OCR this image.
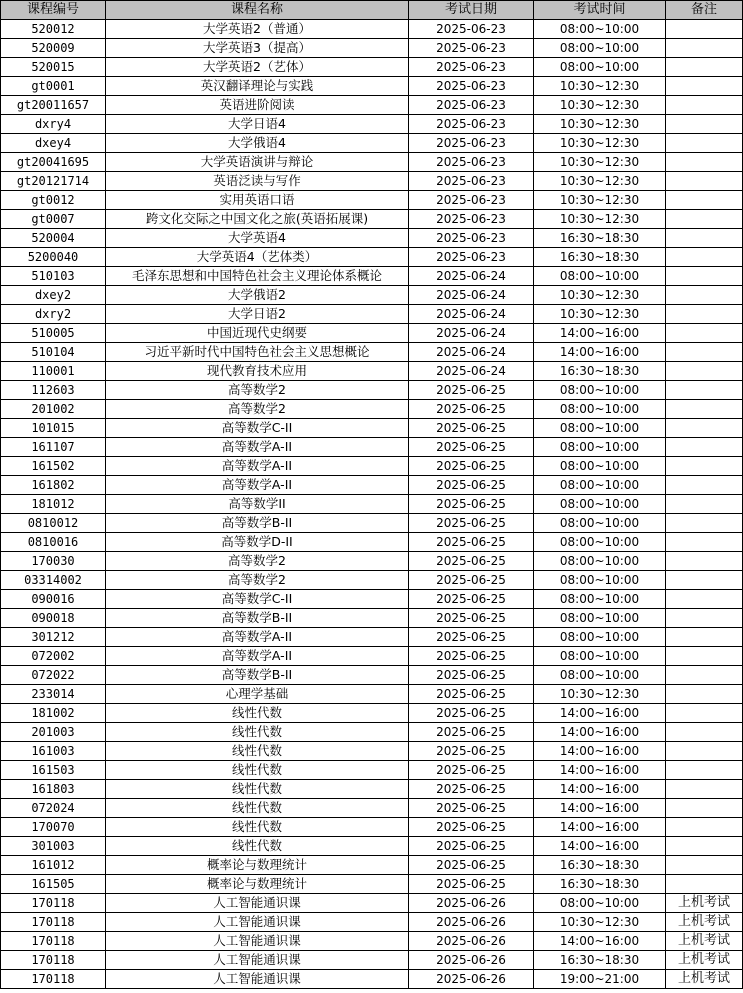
课程编号	课程名称	考试日期	考试时间	备注
520012	大学英语2（普通）	2025-06-23	08:00~10:00	
520009	大学英语3（提高）	2025-06-23	08:00~10:00	
520015	大学英语2（艺体）	2025-06-23	08:00~10:00	
gt0001	英汉翻译理论与实践	2025-06-23	10:30~12:30	
gt20011657	英语进阶阅读	2025-06-23	10:30~12:30	
dxry4	大学日语4	2025-06-23	10:30~12:30	
dxey4	大学俄语4	2025-06-23	10:30~12:30	
gt20041695	大学英语演讲与辩论	2025-06-23	10:30~12:30	
gt20121714	英语泛读与写作	2025-06-23	10:30~12:30	
gt0012	实用英语口语	2025-06-23	10:30~12:30	
gt0007	跨文化交际之中国文化之旅(英语拓展课)	2025-06-23	10:30~12:30	
520004	大学英语4	2025-06-23	16:30~18:30	
5200040	大学英语4（艺体类）	2025-06-23	16:30~18:30	
510103	毛泽东思想和中国特色社会主义理论体系概论	2025-06-24	08:00~10:00	
dxey2	大学俄语2	2025-06-24	10:30~12:30	
dxry2	大学日语2	2025-06-24	10:30~12:30	
510005	中国近现代史纲要	2025-06-24	14:00~16:00	
510104	习近平新时代中国特色社会主义思想概论	2025-06-24	14:00~16:00	
110001	现代教育技术应用	2025-06-24	16:30~18:30	
112603	高等数学2	2025-06-25	08:00~10:00	
201002	高等数学2	2025-06-25	08:00~10:00	
101015	高等数学C-II	2025-06-25	08:00~10:00	
161107	高等数学A-II	2025-06-25	08:00~10:00	
161502	高等数学A-II	2025-06-25	08:00~10:00	
161802	高等数学A-II	2025-06-25	08:00~10:00	
181012	高等数学II	2025-06-25	08:00~10:00	
0810012	高等数学B-II	2025-06-25	08:00~10:00	
0810016	高等数学D-II	2025-06-25	08:00~10:00	
170030	高等数学2	2025-06-25	08:00~10:00	
03314002	高等数学2	2025-06-25	08:00~10:00	
090016	高等数学C-II	2025-06-25	08:00~10:00	
090018	高等数学B-II	2025-06-25	08:00~10:00	
301212	高等数学A-II	2025-06-25	08:00~10:00	
072002	高等数学A-II	2025-06-25	08:00~10:00	
072022	高等数学B-II	2025-06-25	08:00~10:00	
233014	心理学基础	2025-06-25	10:30~12:30	
181002	线性代数	2025-06-25	14:00~16:00	
201003	线性代数	2025-06-25	14:00~16:00	
161003	线性代数	2025-06-25	14:00~16:00	
161503	线性代数	2025-06-25	14:00~16:00	
161803	线性代数	2025-06-25	14:00~16:00	
072024	线性代数	2025-06-25	14:00~16:00	
170070	线性代数	2025-06-25	14:00~16:00	
301003	线性代数	2025-06-25	14:00~16:00	
161012	概率论与数理统计	2025-06-25	16:30~18:30	
161505	概率论与数理统计	2025-06-25	16:30~18:30	
170118	人工智能通识课	2025-06-26	08:00~10:00	上机考试
170118	人工智能通识课	2025-06-26	10:30~12:30	上机考试
170118	人工智能通识课	2025-06-26	14:00~16:00	上机考试
170118	人工智能通识课	2025-06-26	16:30~18:30	上机考试
170118	人工智能通识课	2025-06-26	19:00~21:00	上机考试
